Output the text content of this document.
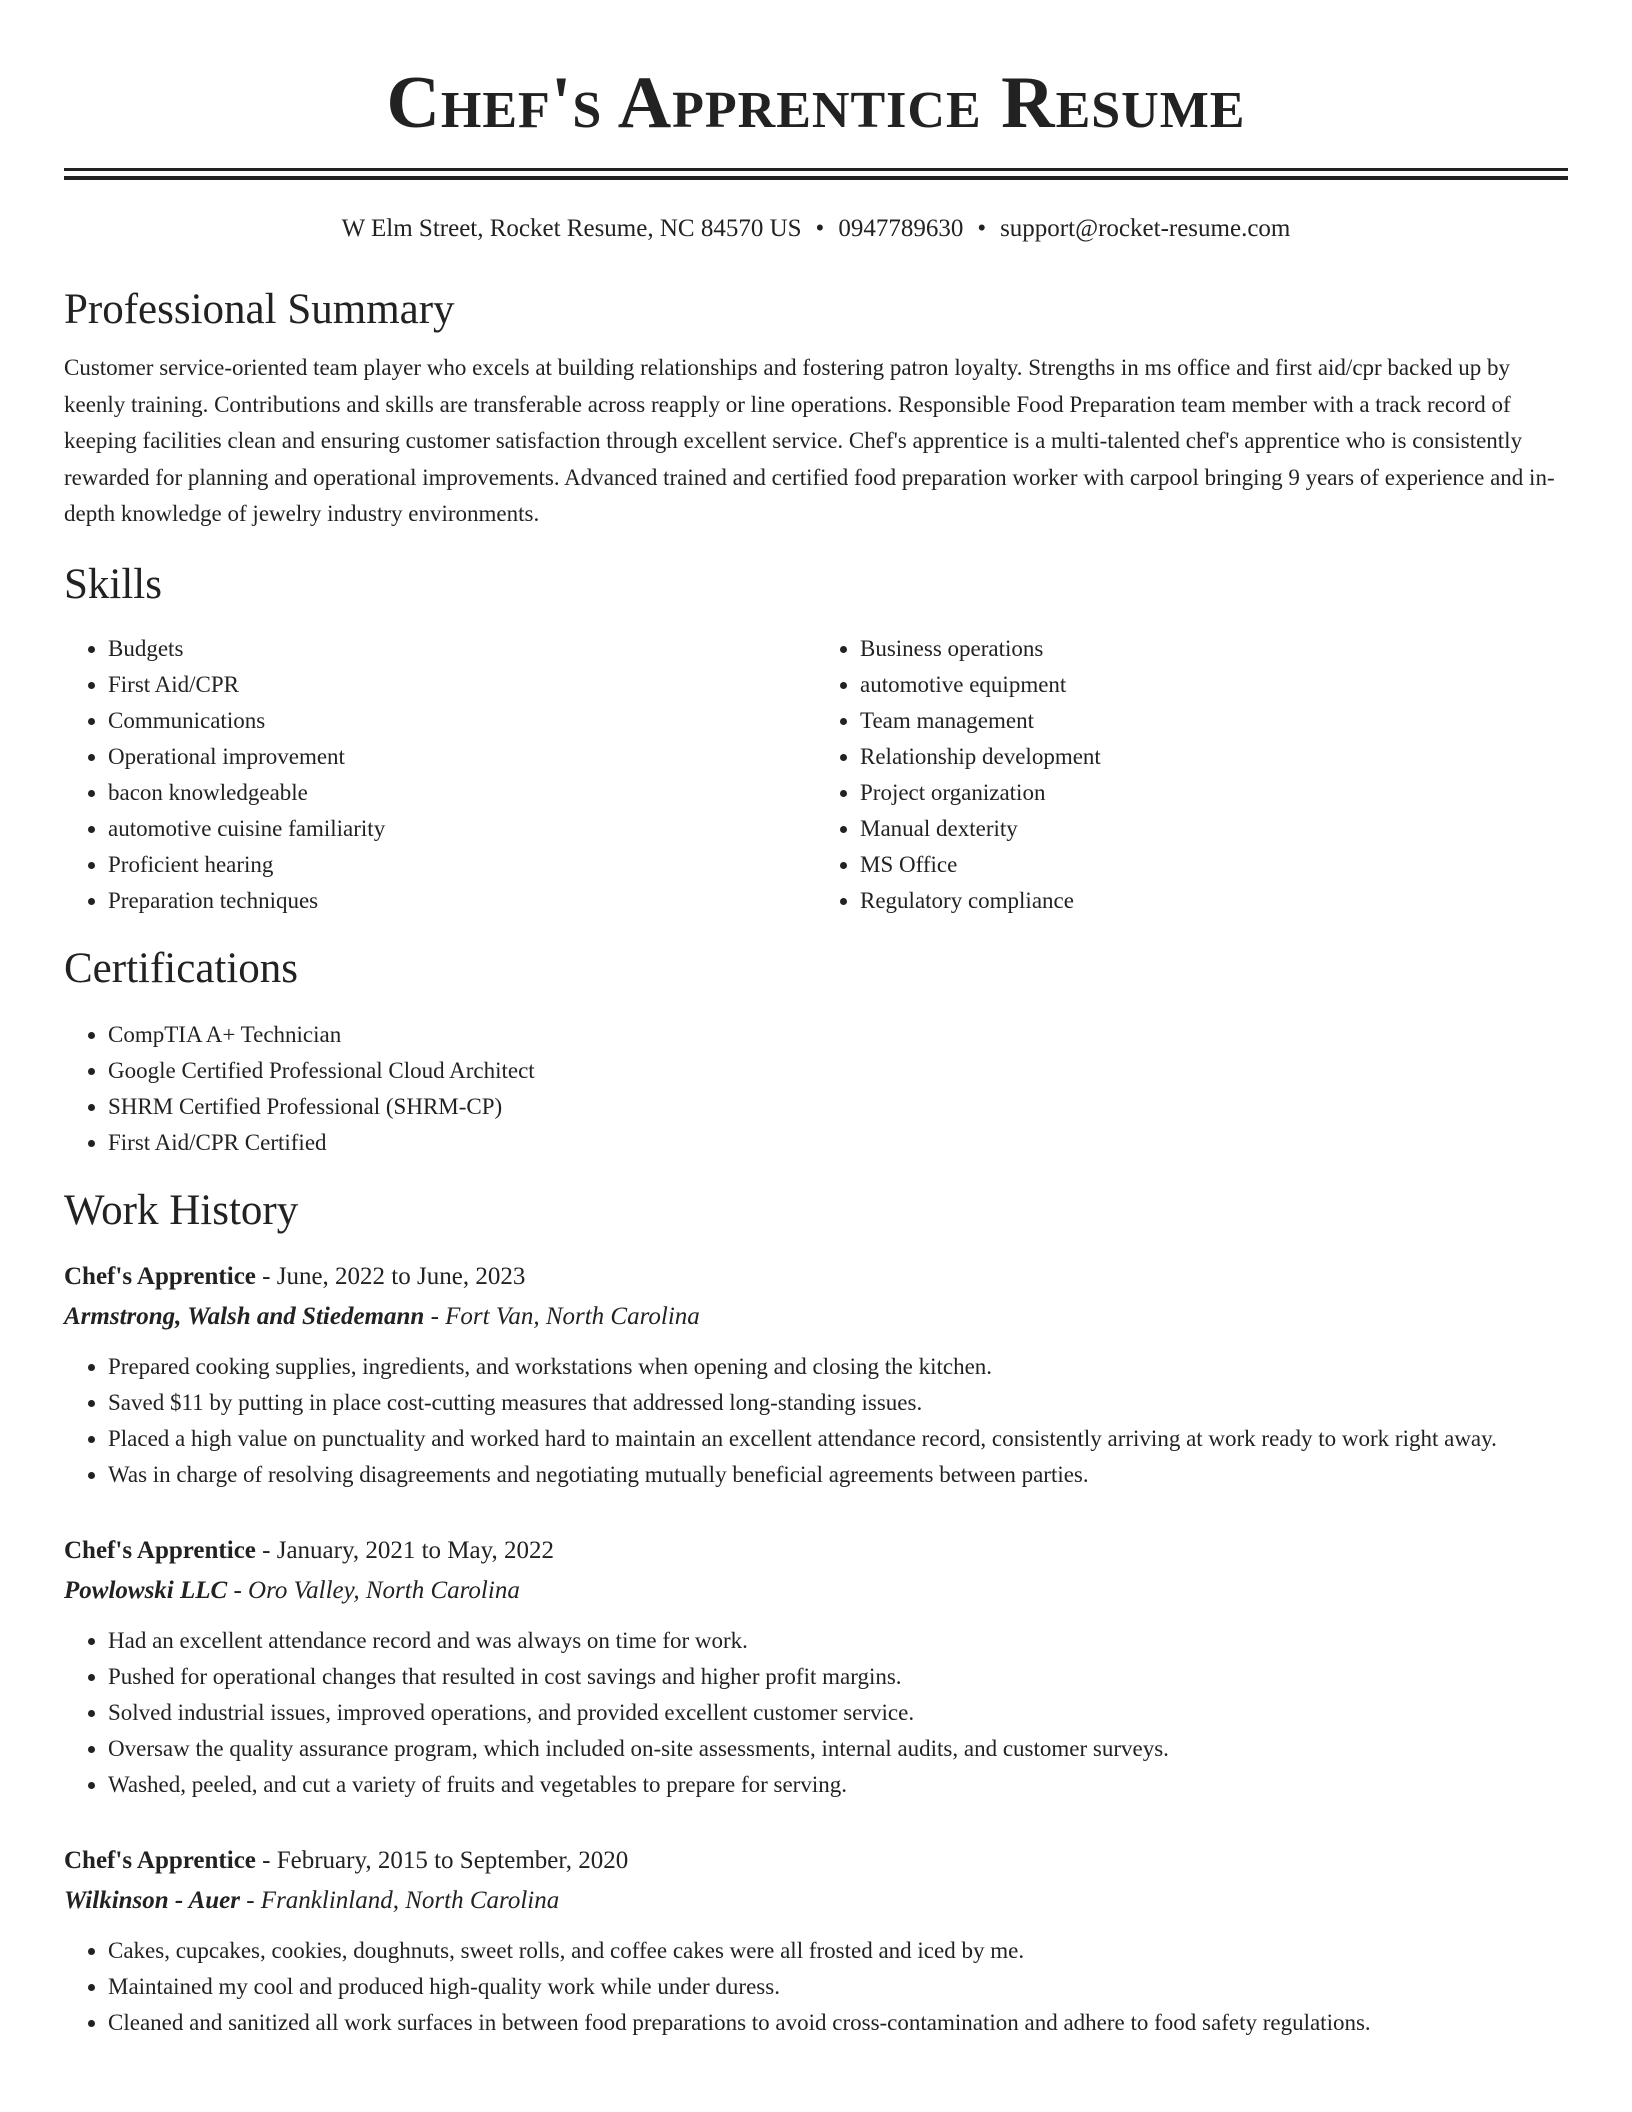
Chef's Apprentice Resume
W Elm Street, Rocket Resume, NC 84570 US • 0947789630 • support@rocket-resume.com
Professional Summary

Customer service-oriented team player who excels at building relationships and fostering patron loyalty. Strengths in ms office and first aid/cpr backed up by keenly training. Contributions and skills are transferable across reapply or line operations. Responsible Food Preparation team member with a track record of keeping facilities clean and ensuring customer satisfaction through excellent service. Chef's apprentice is a multi-talented chef's apprentice who is consistently rewarded for planning and operational improvements. Advanced trained and certified food preparation worker with carpool bringing 9 years of experience and in-depth knowledge of jewelry industry environments.

Skills
• Budgets
• First Aid/CPR
• Communications
• Operational improvement
• bacon knowledgeable
• automotive cuisine familiarity
• Proficient hearing
• Preparation techniques
• Business operations
• automotive equipment
• Team management
• Relationship development
• Project organization
• Manual dexterity
• MS Office
• Regulatory compliance
Certifications
• CompTIA A+ Technician
• Google Certified Professional Cloud Architect
• SHRM Certified Professional (SHRM-CP)
• First Aid/CPR Certified
Work History
Chef's Apprentice - June, 2022 to June, 2023
Armstrong, Walsh and Stiedemann - Fort Van, North Carolina
• Prepared cooking supplies, ingredients, and workstations when opening and closing the kitchen.
• Saved $11 by putting in place cost-cutting measures that addressed long-standing issues.
• Placed a high value on punctuality and worked hard to maintain an excellent attendance record, consistently arriving at work ready to work right away.
• Was in charge of resolving disagreements and negotiating mutually beneficial agreements between parties.
Chef's Apprentice - January, 2021 to May, 2022
Powlowski LLC - Oro Valley, North Carolina
• Had an excellent attendance record and was always on time for work.
• Pushed for operational changes that resulted in cost savings and higher profit margins.
• Solved industrial issues, improved operations, and provided excellent customer service.
• Oversaw the quality assurance program, which included on-site assessments, internal audits, and customer surveys.
• Washed, peeled, and cut a variety of fruits and vegetables to prepare for serving.
Chef's Apprentice - February, 2015 to September, 2020
Wilkinson - Auer - Franklinland, North Carolina
• Cakes, cupcakes, cookies, doughnuts, sweet rolls, and coffee cakes were all frosted and iced by me.
• Maintained my cool and produced high-quality work while under duress.
• Cleaned and sanitized all work surfaces in between food preparations to avoid cross-contamination and adhere to food safety regulations.
